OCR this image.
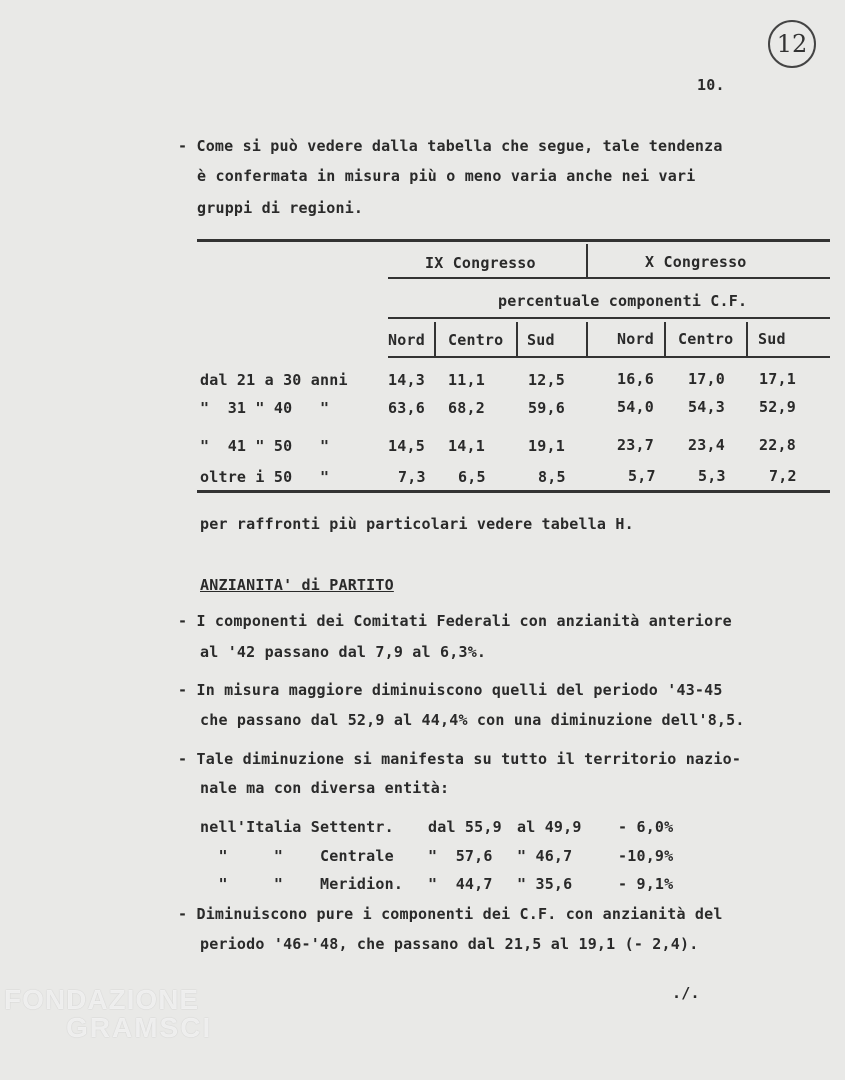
12
10.
- Come si può vedere dalla tabella che segue, tale tendenza
è confermata in misura più o meno varia anche nei vari
gruppi di regioni.
IX Congresso	X Congresso
percentuale componenti C.F.
Nord Centro Sud	Nord Centro Sud
dal 21 a 30 anni	14,3 11,1	12,5	16,6 17,0 17,1
"  31 " 40   "	63,6 68,2	59,6	54,0 54,3 52,9
"  41 " 50   "	14,5 14,1	19,1	23,7 23,4 22,8
oltre i 50   "	7,3 6,5	8,5	5,7	5,3	7,2
per raffronti più particolari vedere tabella H.
ANZIANITA' di PARTITO
- I componenti dei Comitati Federali con anzianità anteriore
al '42 passano dal 7,9 al 6,3%.
- In misura maggiore diminuiscono quelli del periodo '43-45
che passano dal 52,9 al 44,4% con una diminuzione dell'8,5.
- Tale diminuzione si manifesta su tutto il territorio nazio-
nale ma con diversa entità:
nell'Italia Settentr. dal 55,9 al 49,9 - 6,0%
"     "    Centrale "  57,6 " 46,7	-10,9%
"     "    Meridion. "  44,7 " 35,6	- 9,1%
- Diminuiscono pure i componenti dei C.F. con anzianità del
periodo '46-'48, che passano dal 21,5 al 19,1 (- 2,4).
./.
FONDAZIONE
GRAMSCI
